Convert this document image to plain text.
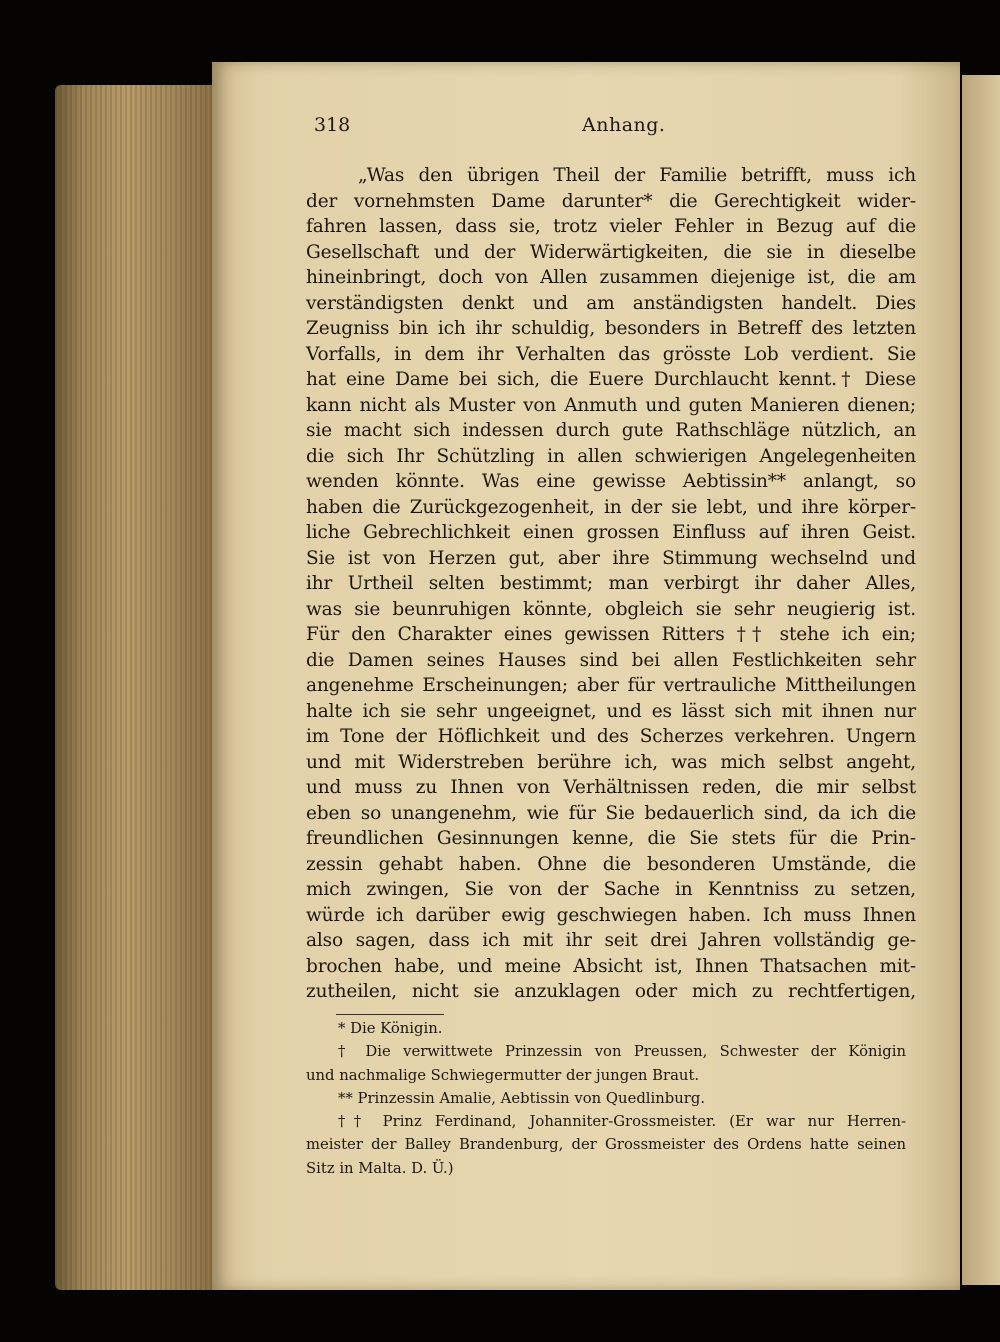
318	Anhang.
„Was den übrigen Theil der Familie betrifft, muss ich
der vornehmsten Dame darunter* die Gerechtigkeit wider-
fahren lassen, dass sie, trotz vieler Fehler in Bezug auf die
Gesellschaft und der Widerwärtigkeiten, die sie in dieselbe
hineinbringt, doch von Allen zusammen diejenige ist, die am
verständigsten denkt und am anständigsten handelt. Dies
Zeugniss bin ich ihr schuldig, besonders in Betreff des letzten
Vorfalls, in dem ihr Verhalten das grösste Lob verdient. Sie
hat eine Dame bei sich, die Euere Durchlaucht kennt.† Diese
kann nicht als Muster von Anmuth und guten Manieren dienen;
sie macht sich indessen durch gute Rathschläge nützlich, an
die sich Ihr Schützling in allen schwierigen Angelegenheiten
wenden könnte. Was eine gewisse Aebtissin** anlangt, so
haben die Zurückgezogenheit, in der sie lebt, und ihre körper-
liche Gebrechlichkeit einen grossen Einfluss auf ihren Geist.
Sie ist von Herzen gut, aber ihre Stimmung wechselnd und
ihr Urtheil selten bestimmt; man verbirgt ihr daher Alles,
was sie beunruhigen könnte, obgleich sie sehr neugierig ist.
Für den Charakter eines gewissen Ritters †† stehe ich ein;
die Damen seines Hauses sind bei allen Festlichkeiten sehr
angenehme Erscheinungen; aber für vertrauliche Mittheilungen
halte ich sie sehr ungeeignet, und es lässt sich mit ihnen nur
im Tone der Höflichkeit und des Scherzes verkehren. Ungern
und mit Widerstreben berühre ich, was mich selbst angeht,
und muss zu Ihnen von Verhältnissen reden, die mir selbst
eben so unangenehm, wie für Sie bedauerlich sind, da ich die
freundlichen Gesinnungen kenne, die Sie stets für die Prin-
zessin gehabt haben. Ohne die besonderen Umstände, die
mich zwingen, Sie von der Sache in Kenntniss zu setzen,
würde ich darüber ewig geschwiegen haben. Ich muss Ihnen
also sagen, dass ich mit ihr seit drei Jahren vollständig ge-
brochen habe, und meine Absicht ist, Ihnen Thatsachen mit-
zutheilen, nicht sie anzuklagen oder mich zu rechtfertigen,
* Die Königin.
† Die verwittwete Prinzessin von Preussen, Schwester der Königin
und nachmalige Schwiegermutter der jungen Braut.
** Prinzessin Amalie, Aebtissin von Quedlinburg.
†† Prinz Ferdinand, Johanniter-Grossmeister. (Er war nur Herren-
meister der Balley Brandenburg, der Grossmeister des Ordens hatte seinen
Sitz in Malta. D. Ü.)
